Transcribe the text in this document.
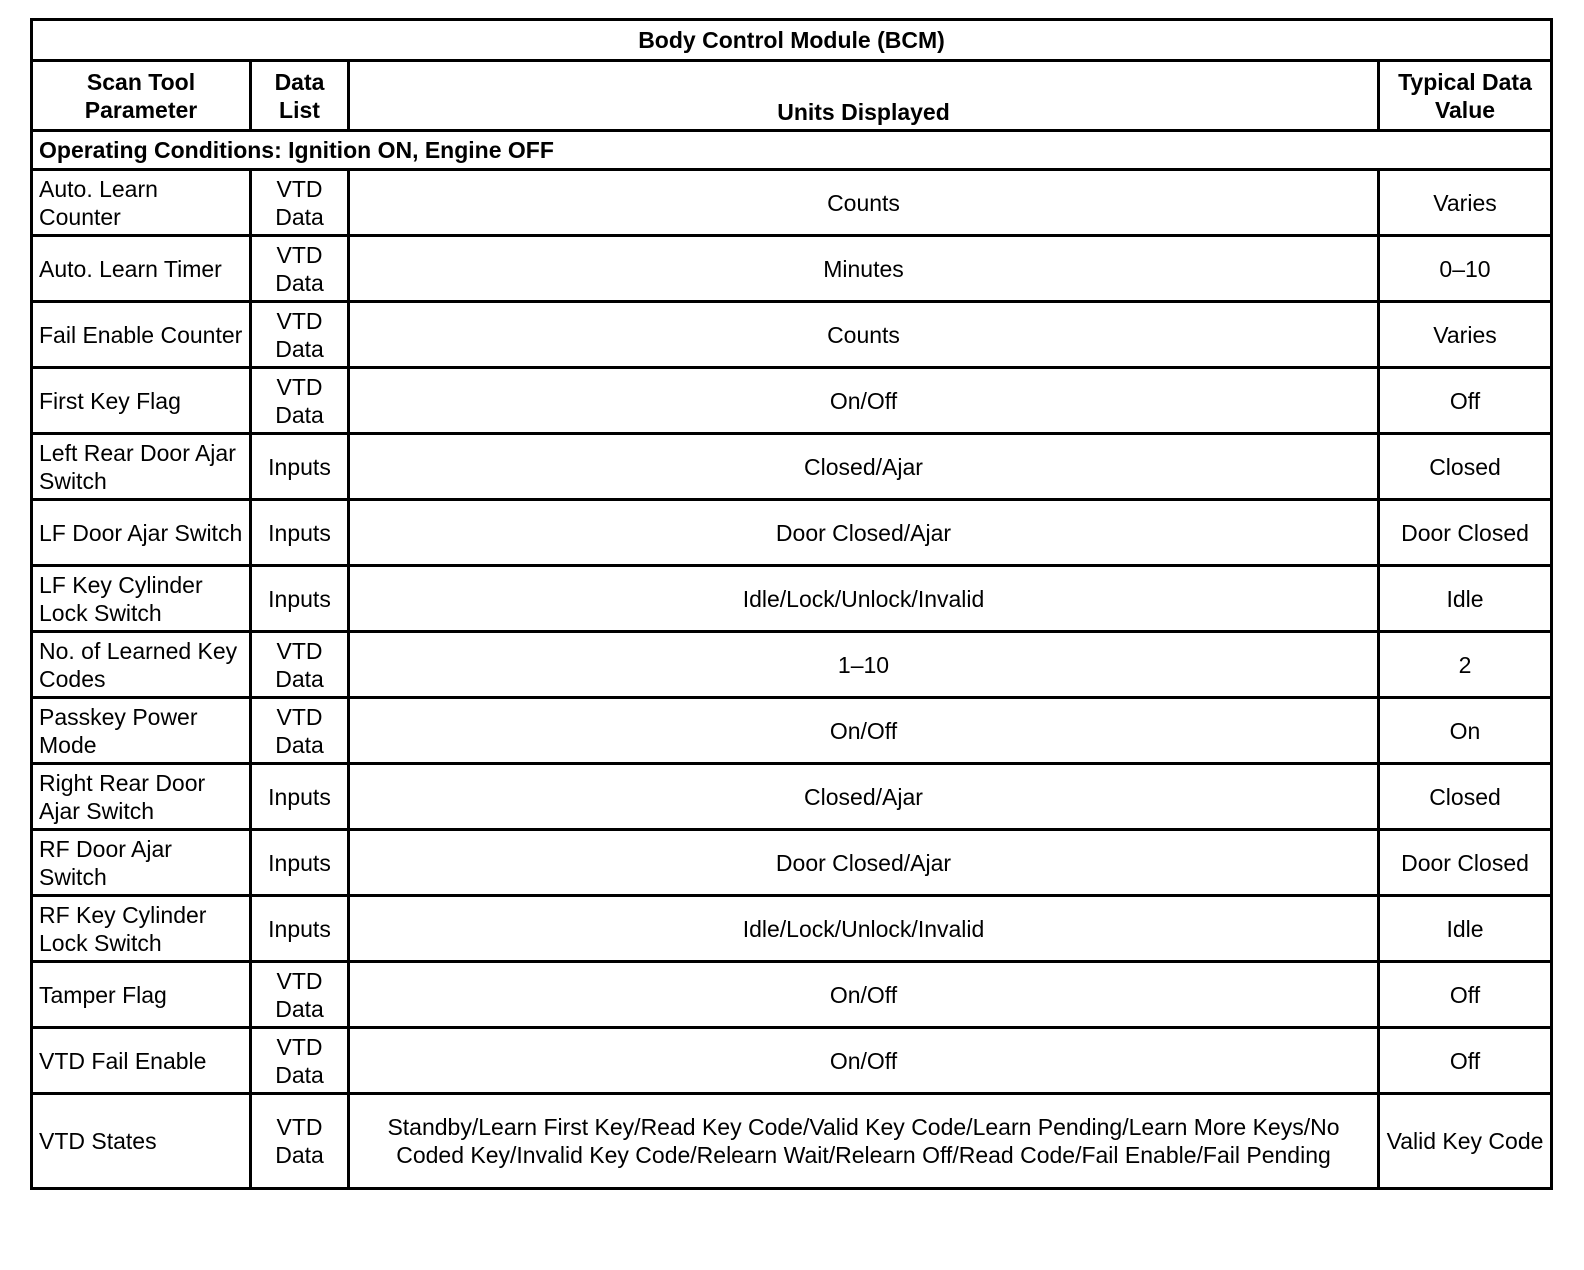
Body Control Module (BCM)			
Scan Tool Parameter	Data List	Units Displayed	Typical Data Value
Operating Conditions: Ignition ON, Engine OFF			
Auto. Learn Counter	VTD Data	Counts	Varies
Auto. Learn Timer	VTD Data	Minutes	0–10
Fail Enable Counter	VTD Data	Counts	Varies
First Key Flag	VTD Data	On/Off	Off
Left Rear Door Ajar Switch	Inputs	Closed/Ajar	Closed
LF Door Ajar Switch	Inputs	Door Closed/Ajar	Door Closed
LF Key Cylinder Lock Switch	Inputs	Idle/Lock/Unlock/Invalid	Idle
No. of Learned Key Codes	VTD Data	1–10	2
Passkey Power Mode	VTD Data	On/Off	On
Right Rear Door Ajar Switch	Inputs	Closed/Ajar	Closed
RF Door Ajar Switch	Inputs	Door Closed/Ajar	Door Closed
RF Key Cylinder Lock Switch	Inputs	Idle/Lock/Unlock/Invalid	Idle
Tamper Flag	VTD Data	On/Off	Off
VTD Fail Enable	VTD Data	On/Off	Off
VTD States	VTD Data	Standby/Learn First Key/Read Key Code/Valid Key Code/Learn Pending/Learn More Keys/No Coded Key/Invalid Key Code/Relearn Wait/Relearn Off/Read Code/Fail Enable/Fail Pending	Valid Key Code
